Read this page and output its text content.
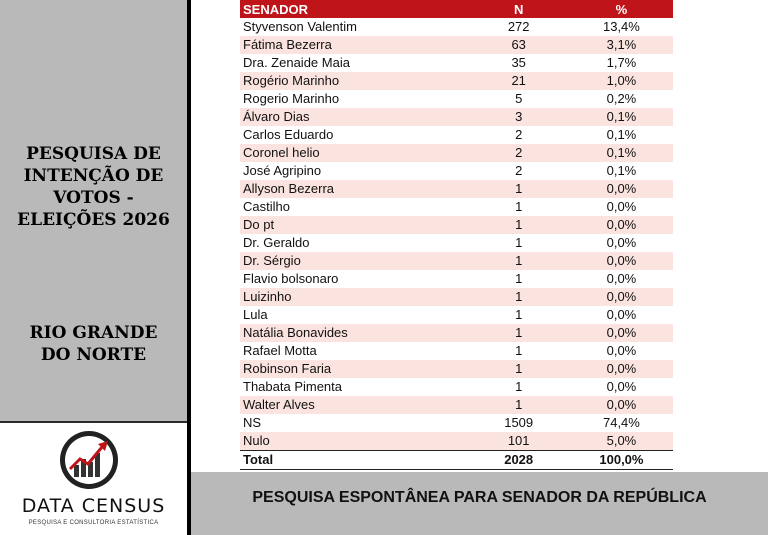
PESQUISA DE
INTENÇÃO DE
VOTOS -
ELEIÇÕES 2026
RIO GRANDE
DO NORTE
DATA CENSUS
PESQUISA E CONSULTORIA ESTATÍSTICA
SENADOR	N	%
Styvenson Valentim	272	13,4%
Fátima Bezerra	63	3,1%
Dra. Zenaide Maia	35	1,7%
Rogério Marinho	21	1,0%
Rogerio Marinho	5	0,2%
Álvaro Dias	3	0,1%
Carlos Eduardo	2	0,1%
Coronel helio	2	0,1%
José Agripino	2	0,1%
Allyson Bezerra	1	0,0%
Castilho	1	0,0%
Do pt	1	0,0%
Dr. Geraldo	1	0,0%
Dr. Sérgio	1	0,0%
Flavio bolsonaro	1	0,0%
Luizinho	1	0,0%
Lula	1	0,0%
Natália Bonavides	1	0,0%
Rafael Motta	1	0,0%
Robinson Faria	1	0,0%
Thabata Pimenta	1	0,0%
Walter Alves	1	0,0%
NS	1509	74,4%
Nulo	101	5,0%
Total	2028	100,0%
PESQUISA ESPONTÂNEA PARA SENADOR DA REPÚBLICA
